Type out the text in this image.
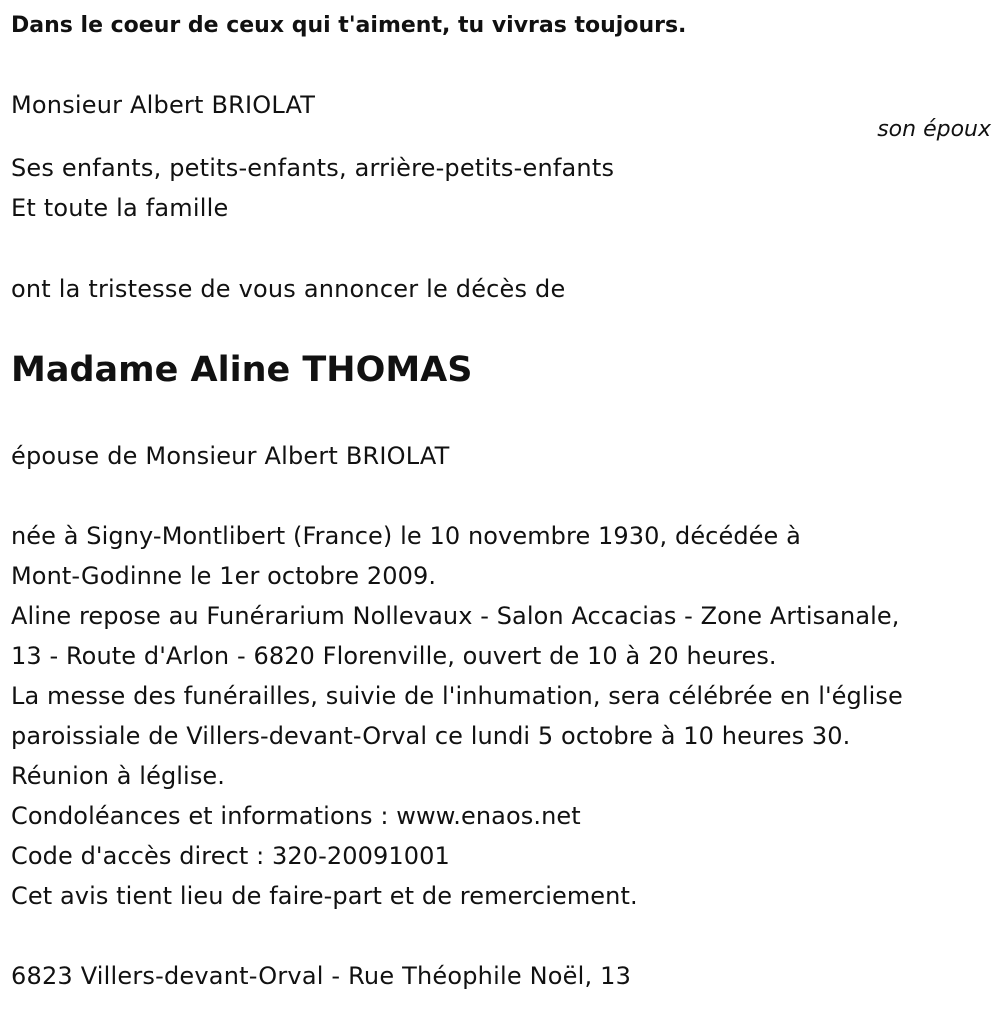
Dans le coeur de ceux qui t'aiment, tu vivras toujours.

Monsieur Albert BRIOLAT

son époux

Ses enfants, petits-enfants, arrière-petits-enfants

Et toute la famille

ont la tristesse de vous annoncer le décès de

Madame Aline THOMAS

épouse de Monsieur Albert BRIOLAT

née à Signy-Montlibert (France) le 10 novembre 1930, décédée à
Mont-Godinne le 1er octobre 2009.
Aline repose au Funérarium Nollevaux - Salon Accacias - Zone Artisanale,
13 - Route d'Arlon - 6820 Florenville, ouvert de 10 à 20 heures.
La messe des funérailles, suivie de l'inhumation, sera célébrée en l'église
paroissiale de Villers-devant-Orval ce lundi 5 octobre à 10 heures 30.
Réunion à léglise.
Condoléances et informations : www.enaos.net
Code d'accès direct : 320-20091001
Cet avis tient lieu de faire-part et de remerciement.

6823 Villers-devant-Orval - Rue Théophile Noël, 13
